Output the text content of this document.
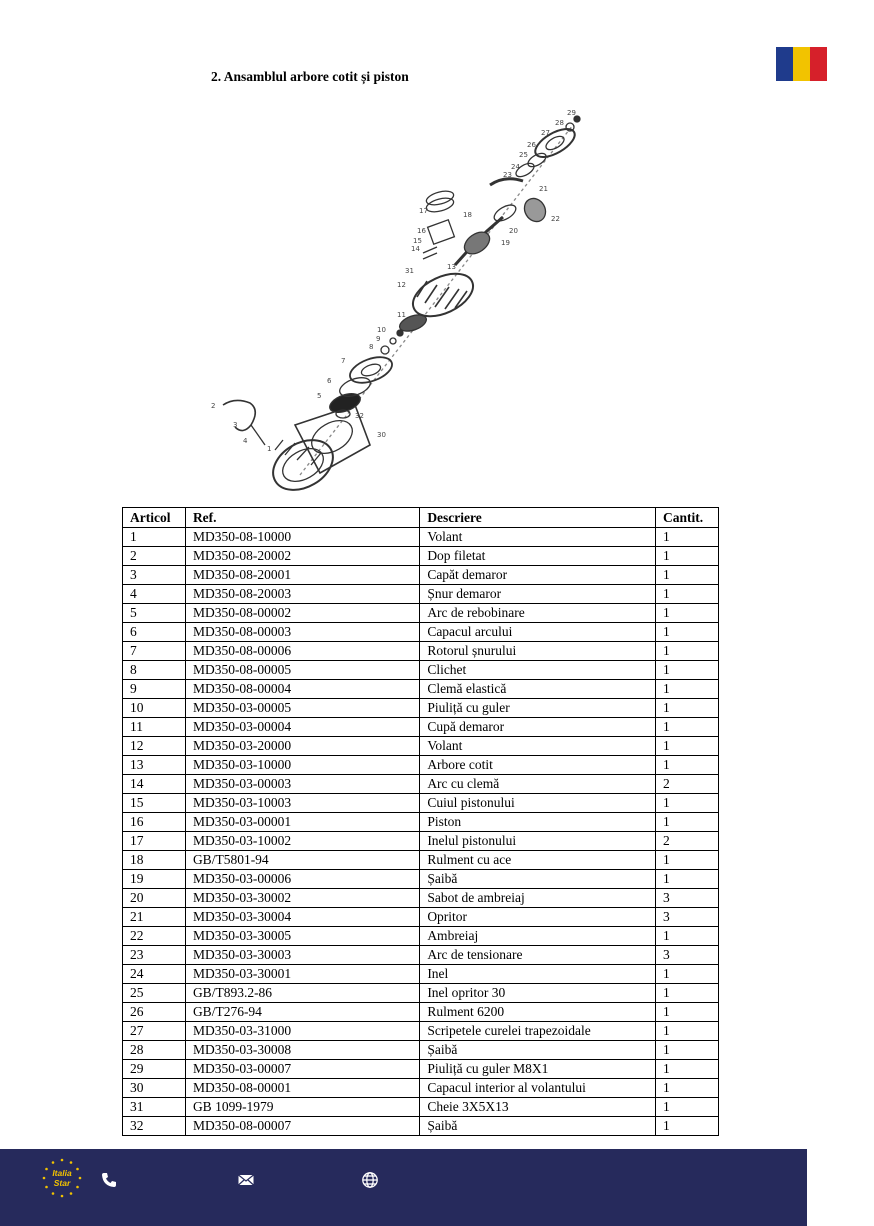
2. Ansamblul arbore cotit și piston
1
2
3
4
5
6
7
8
9
10
11
12
13
14
15
16
17	18
19
20
21
22
23
24
25
26
27
28
29
30
31
32
Articol	Ref.	Descriere	Cantit.
1	MD350-08-10000	Volant	1
2	MD350-08-20002	Dop filetat	1
3	MD350-08-20001	Capăt demaror	1
4	MD350-08-20003	Șnur demaror	1
5	MD350-08-00002	Arc de rebobinare	1
6	MD350-08-00003	Capacul arcului	1
7	MD350-08-00006	Rotorul șnurului	1
8	MD350-08-00005	Clichet	1
9	MD350-08-00004	Clemă elastică	1
10	MD350-03-00005	Piuliță cu guler	1
11	MD350-03-00004	Cupă demaror	1
12	MD350-03-20000	Volant	1
13	MD350-03-10000	Arbore cotit	1
14	MD350-03-00003	Arc cu clemă	2
15	MD350-03-10003	Cuiul pistonului	1
16	MD350-03-00001	Piston	1
17	MD350-03-10002	Inelul pistonului	2
18	GB/T5801-94	Rulment cu ace	1
19	MD350-03-00006	Șaibă	1
20	MD350-03-30002	Sabot de ambreiaj	3
21	MD350-03-30004	Opritor	3
22	MD350-03-30005	Ambreiaj	1
23	MD350-03-30003	Arc de tensionare	3
24	MD350-03-30001	Inel	1
25	GB/T893.2-86	Inel opritor 30	1
26	GB/T276-94	Rulment 6200	1
27	MD350-03-31000	Scripetele curelei trapezoidale	1
28	MD350-03-30008	Șaibă	1
29	MD350-03-00007	Piuliță cu guler M8X1	1
30	MD350-08-00001	Capacul interior al volantului	1
31	GB 1099-1979	Cheie 3X5X13	1
32	MD350-08-00007	Șaibă	1
Italia
Star
